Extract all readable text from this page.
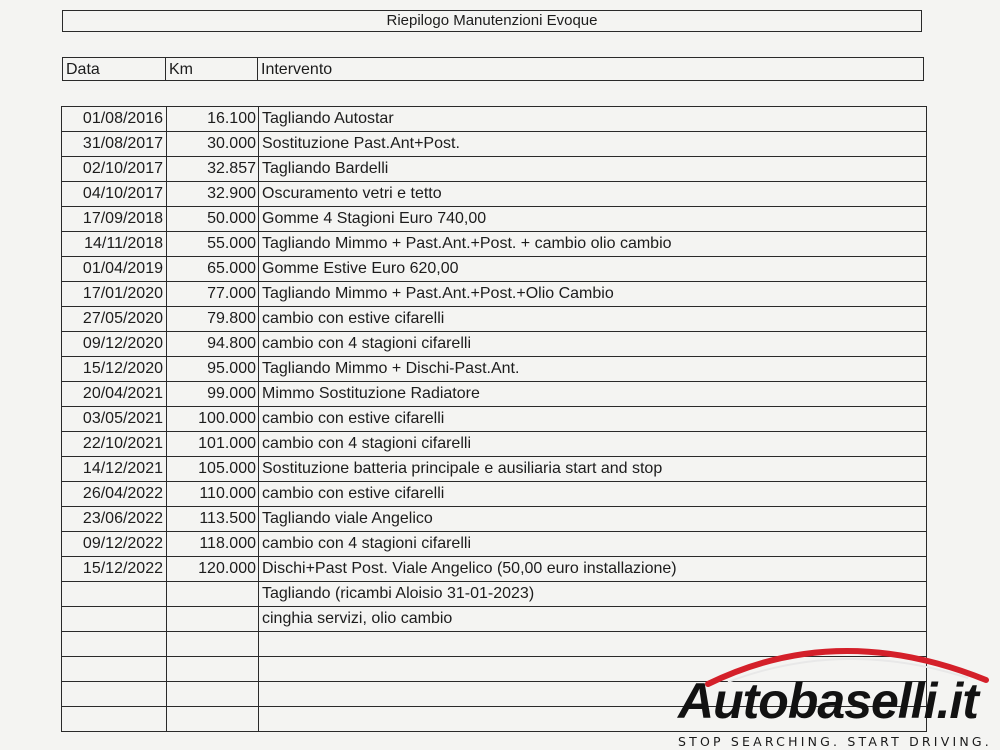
Riepilogo Manutenzioni Evoque
Data	Km	Intervento
01/08/2016	16.100	Tagliando Autostar
31/08/2017	30.000	Sostituzione Past.Ant+Post.
02/10/2017	32.857	Tagliando Bardelli
04/10/2017	32.900	Oscuramento vetri e tetto
17/09/2018	50.000	Gomme 4 Stagioni Euro 740,00
14/11/2018	55.000	Tagliando Mimmo + Past.Ant.+Post. + cambio olio cambio
01/04/2019	65.000	Gomme Estive Euro 620,00
17/01/2020	77.000	Tagliando Mimmo + Past.Ant.+Post.+Olio Cambio
27/05/2020	79.800	cambio con estive cifarelli
09/12/2020	94.800	cambio con 4 stagioni cifarelli
15/12/2020	95.000	Tagliando Mimmo + Dischi-Past.Ant.
20/04/2021	99.000	Mimmo Sostituzione Radiatore
03/05/2021	100.000	cambio con estive cifarelli
22/10/2021	101.000	cambio con 4 stagioni cifarelli
14/12/2021	105.000	Sostituzione batteria principale e ausiliaria start and stop
26/04/2022	110.000	cambio con estive cifarelli
23/06/2022	113.500	Tagliando viale Angelico
09/12/2022	118.000	cambio con 4 stagioni cifarelli
15/12/2022	120.000	Dischi+Past Post. Viale Angelico (50,00 euro installazione)
		Tagliando (ricambi Aloisio 31-01-2023)
		cinghia servizi, olio cambio

Autobaselli.it
STOP SEARCHING. START DRIVING.
